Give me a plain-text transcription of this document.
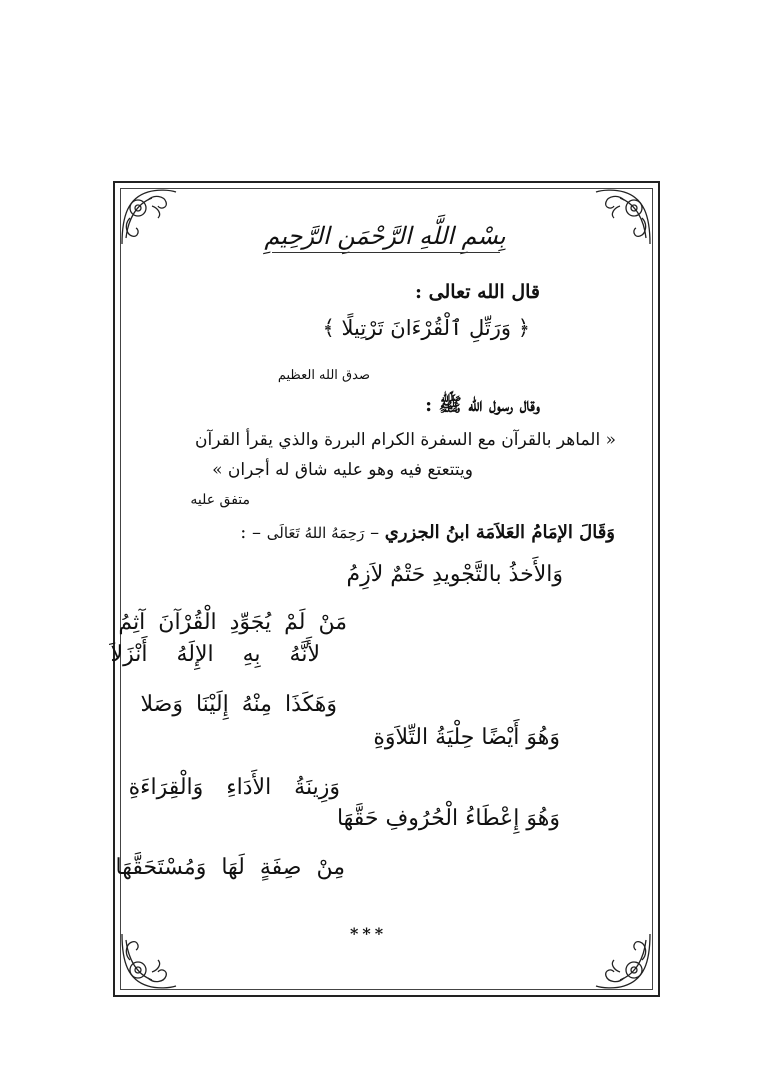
بِسْمِ اللَّهِ الرَّحْمَنِ الرَّحِيمِ
قال الله تعالى :
﴿ وَرَتِّلِ ٱلْقُرْءَانَ تَرْتِيلًا ﴾
صدق الله العظيم
وقال رسول الله ﷺ :
« الماهر بالقرآن مع السفرة الكرام البررة والذي يقرأ القرآن
ويتتعتع فيه وهو عليه شاق له أجران »
متفق عليه
وَقَالَ الإمَامُ العَلاَمَة ابنُ الجزري – رَحِمَهُ اللهُ تَعَالَى – :
وَالأَخذُ بالتَّجْويدِ حَتْمٌ لاَزِمُ
مَنْ لَمْ يُجَوِّدِ الْقُرْآنَ آثِمُ
لأَنَّهُ بِهِ الإِلَهُ أَنْزَلاَ
وَهَكَذَا مِنْهُ إِلَيْنَا وَصَلا
وَهُوَ أَيْضًا حِلْيَةُ التِّلاَوَةِ
وَزِينَةُ الأَدَاءِ وَالْقِرَاءَةِ
وَهُوَ إِعْطَاءُ الْحُرُوفِ حَقَّهَا
مِنْ صِفَةٍ لَهَا وَمُسْتَحَقَّهَا
***
